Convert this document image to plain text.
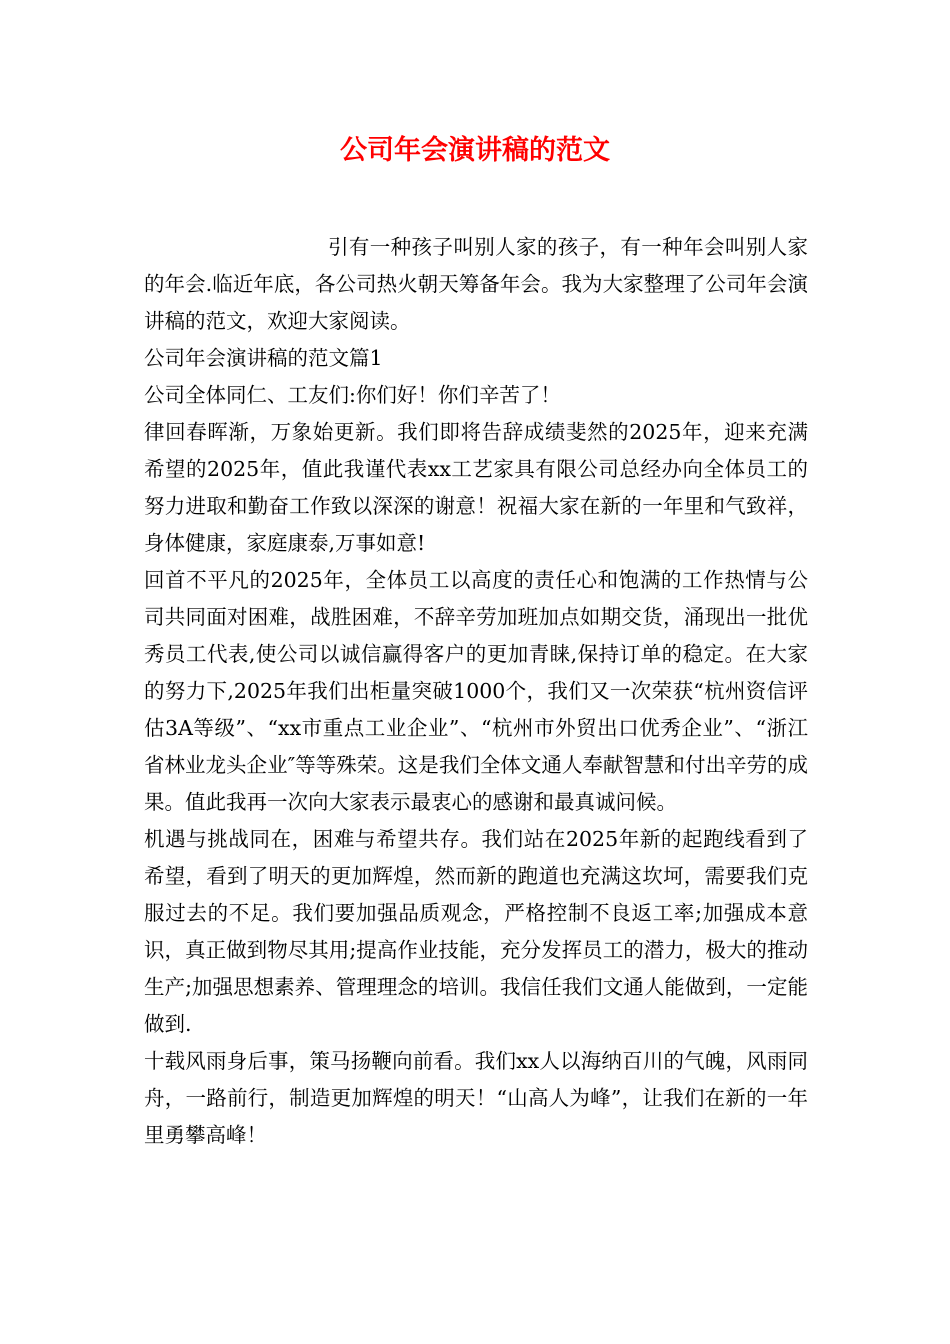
公司年会演讲稿的范文

引有一种孩子叫别人家的孩子，有一种年会叫别人家的年会.临近年底，各公司热火朝天筹备年会。我为大家整理了公司年会演讲稿的范文，欢迎大家阅读。

公司年会演讲稿的范文篇1

公司全体同仁、工友们:你们好！你们辛苦了！

律回春晖渐，万象始更新。我们即将告辞成绩斐然的2025年，迎来充满希望的2025年，值此我谨代表xx工艺家具有限公司总经办向全体员工的努力进取和勤奋工作致以深深的谢意！祝福大家在新的一年里和气致祥，身体健康，家庭康泰,万事如意!

回首不平凡的2025年，全体员工以高度的责任心和饱满的工作热情与公司共同面对困难，战胜困难，不辞辛劳加班加点如期交货，涌现出一批优秀员工代表,使公司以诚信赢得客户的更加青睐,保持订单的稳定。在大家的努力下,2025年我们出柜量突破1000个，我们又一次荣获“杭州资信评估3A等级”、“xx市重点工业企业”、“杭州市外贸出口优秀企业”、“浙江省林业龙头企业″等等殊荣。这是我们全体文通人奉献智慧和付出辛劳的成果。值此我再一次向大家表示最衷心的感谢和最真诚问候。

机遇与挑战同在，困难与希望共存。我们站在2025年新的起跑线看到了希望，看到了明天的更加辉煌，然而新的跑道也充满这坎坷，需要我们克服过去的不足。我们要加强品质观念，严格控制不良返工率;加强成本意识，真正做到物尽其用;提高作业技能，充分发挥员工的潜力，极大的推动生产;加强思想素养、管理理念的培训。我信任我们文通人能做到，一定能做到.

十载风雨身后事，策马扬鞭向前看。我们xx人以海纳百川的气魄，风雨同舟，一路前行，制造更加辉煌的明天！“山高人为峰”，让我们在新的一年里勇攀高峰！
